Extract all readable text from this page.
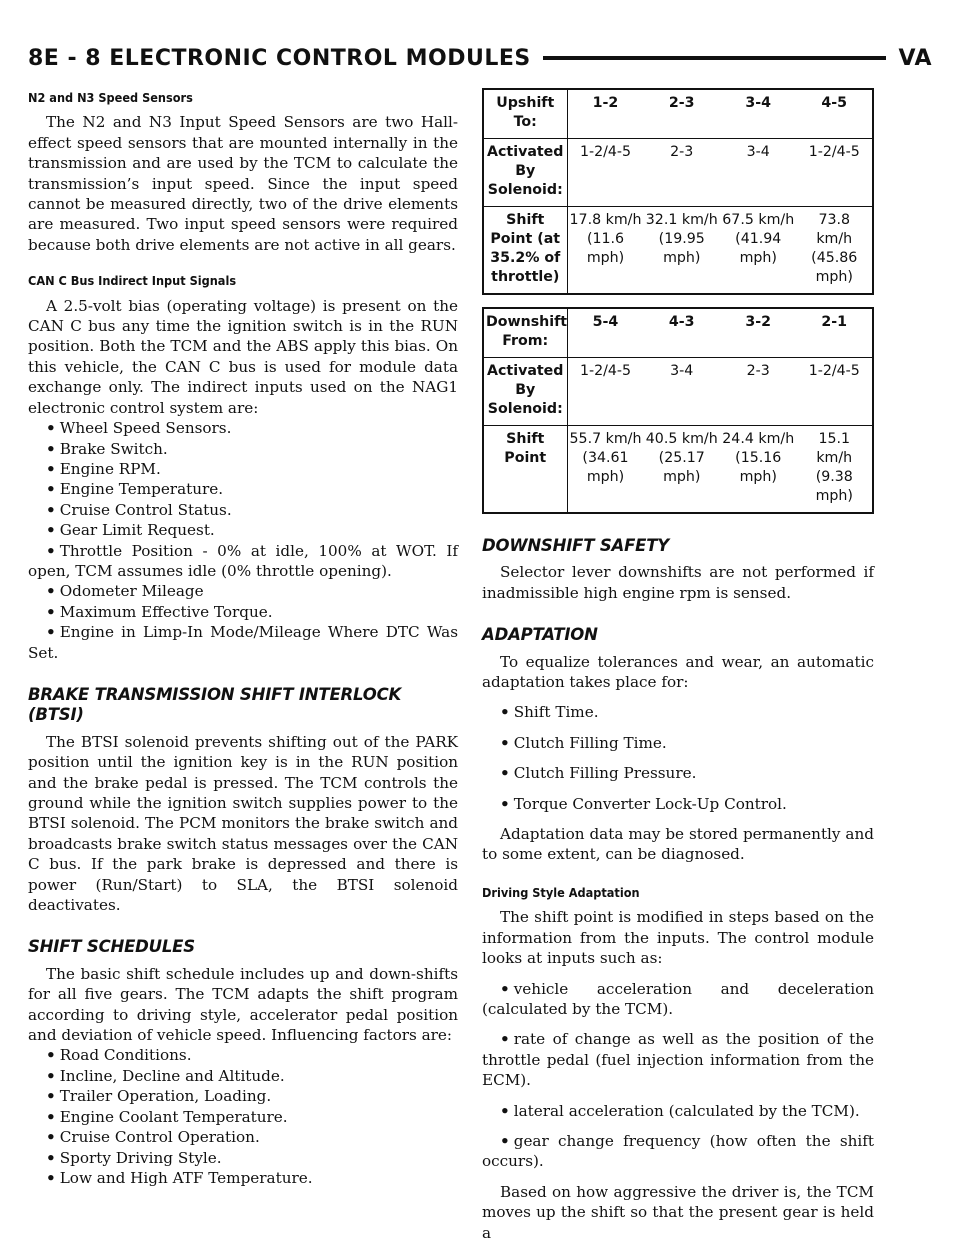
8E - 8 ELECTRONIC CONTROL MODULES	VA
N2 and N3 Speed Sensors

The N2 and N3 Input Speed Sensors are two Hall-effect speed sensors that are mounted internally in the transmission and are used by the TCM to calculate the transmission’s input speed. Since the input speed cannot be measured directly, two of the drive elements are measured. Two input speed sensors were required because both drive elements are not active in all gears.

CAN C Bus Indirect Input Signals

A 2.5-volt bias (operating voltage) is present on the CAN C bus any time the ignition switch is in the RUN position. Both the TCM and the ABS apply this bias. On this vehicle, the CAN C bus is used for module data exchange only. The indirect inputs used on the NAG1 electronic control system are:

• Wheel Speed Sensors.

• Brake Switch.

• Engine RPM.

• Engine Temperature.

• Cruise Control Status.

• Gear Limit Request.

• Throttle Position - 0% at idle, 100% at WOT. If open, TCM assumes idle (0% throttle opening).

• Odometer Mileage

• Maximum Effective Torque.

• Engine in Limp-In Mode/Mileage Where DTC Was Set.

BRAKE TRANSMISSION SHIFT INTERLOCK (BTSI)

The BTSI solenoid prevents shifting out of the PARK position until the ignition key is in the RUN position and the brake pedal is pressed. The TCM controls the ground while the ignition switch supplies power to the BTSI solenoid. The PCM monitors the brake switch and broadcasts brake switch status messages over the CAN C bus. If the park brake is depressed and there is power (Run/Start) to SLA, the BTSI solenoid deactivates.

SHIFT SCHEDULES

The basic shift schedule includes up and down-shifts for all five gears. The TCM adapts the shift program according to driving style, accelerator pedal position and deviation of vehicle speed. Influencing factors are:

• Road Conditions.

• Incline, Decline and Altitude.

• Trailer Operation, Loading.

• Engine Coolant Temperature.

• Cruise Control Operation.

• Sporty Driving Style.

• Low and High ATF Temperature.

Upshift To:	1-2	2-3	3-4	4-5
Activated By Solenoid:	1-2/4-5	2-3	3-4	1-2/4-5
Shift Point (at 35.2% of throttle)	17.8 km/h (11.6 mph)	32.1 km/h (19.95 mph)	67.5 km/h (41.94 mph)	73.8 km/h (45.86 mph)
Downshift From:	5-4	4-3	3-2	2-1
Activated By Solenoid:	1-2/4-5	3-4	2-3	1-2/4-5
Shift Point	55.7 km/h (34.61 mph)	40.5 km/h (25.17 mph)	24.4 km/h (15.16 mph)	15.1 km/h (9.38 mph)
DOWNSHIFT SAFETY

Selector lever downshifts are not performed if inadmissible high engine rpm is sensed.

ADAPTATION

To equalize tolerances and wear, an automatic adaptation takes place for:

• Shift Time.

• Clutch Filling Time.

• Clutch Filling Pressure.

• Torque Converter Lock-Up Control.

Adaptation data may be stored permanently and to some extent, can be diagnosed.

Driving Style Adaptation

The shift point is modified in steps based on the information from the inputs. The control module looks at inputs such as:

• vehicle acceleration and deceleration (calculated by the TCM).

• rate of change as well as the position of the throttle pedal (fuel injection information from the ECM).

• lateral acceleration (calculated by the TCM).

• gear change frequency (how often the shift occurs).

Based on how aggressive the driver is, the TCM moves up the shift so that the present gear is held a
